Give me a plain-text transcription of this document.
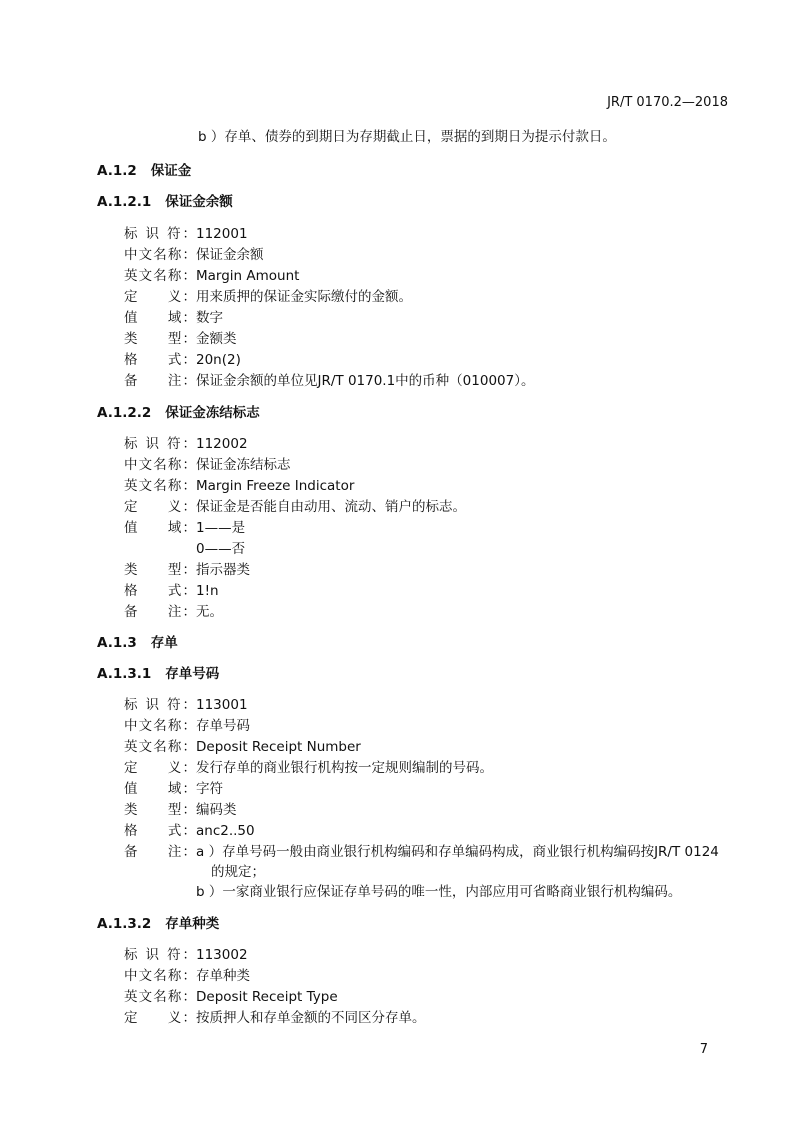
JR/T 0170.2—2018
b ）存单、债券的到期日为存期截止日，票据的到期日为提示付款日。
A.1.2 保证金
A.1.2.1 保证金余额
标 识 符：112001
中文名称：保证金余额
英文名称：Margin Amount
定　　义：用来质押的保证金实际缴付的金额。
值　　域：数字
类　　型：金额类
格　　式：20n(2)
备　　注：保证金余额的单位见JR/T 0170.1中的币种（010007）。
A.1.2.2 保证金冻结标志
标 识 符：112002
中文名称：保证金冻结标志
英文名称：Margin Freeze Indicator
定　　义：保证金是否能自由动用、流动、销户的标志。
值　　域：1——是
0——否
类　　型：指示器类
格　　式：1!n
备　　注：无。
A.1.3 存单
A.1.3.1 存单号码
标 识 符：113001
中文名称：存单号码
英文名称：Deposit Receipt Number
定　　义：发行存单的商业银行机构按一定规则编制的号码。
值　　域：字符
类　　型：编码类
格　　式：anc2..50
备　　注：a ）存单号码一般由商业银行机构编码和存单编码构成，商业银行机构编码按JR/T 0124
的规定；
b ）一家商业银行应保证存单号码的唯一性，内部应用可省略商业银行机构编码。
A.1.3.2 存单种类
标 识 符：113002
中文名称：存单种类
英文名称：Deposit Receipt Type
定　　义：按质押人和存单金额的不同区分存单。
7
